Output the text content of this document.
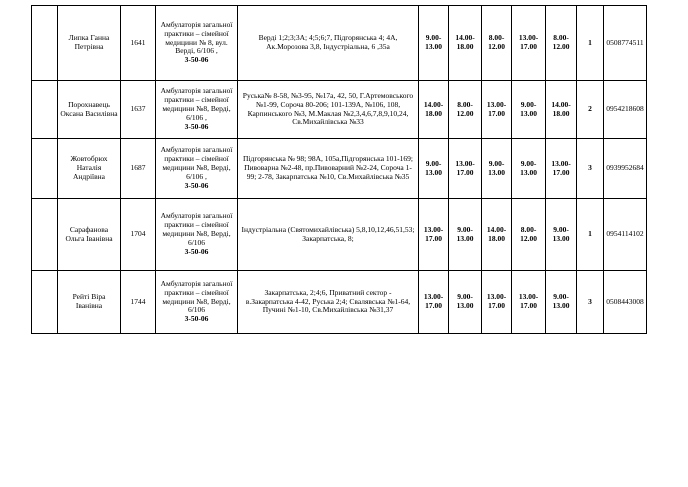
	Липка Ганна Петрівна	1641	Амбулаторія загальної практики – сімейної медицини № 8, вул. Верді, 6/106 ,
3-50-06	Верді 1;2;3;3А; 4;5;6;7, Підгорянська 4; 4А, Ак.Морозова 3,8, Індустріальна, 6 ,35а	9.00-13.00	14.00-18.00	8.00-12.00	13.00-17.00	8.00-12.00	1	0508774511
	Порохнавець Оксана Василівна	1637	Амбулаторія загальної практики – сімейної медицини №8, Верді, 6/106 ,
3-50-06	Руська№ 8-58, №3-95, №17а, 42, 50, Г.Артемовського №1-99, Сороча 80-206; 101-139А, №106, 108, Карпинського №3, М.Маклая №2,3,4,6,7,8,9,10,24, Св.Михайлівська №33	14.00-18.00	8.00-12.00	13.00-17.00	9.00-13.00	14.00-18.00	2	0954218608
	Жовтобрюх Наталія Андріївна	1687	Амбулаторія загальної практики – сімейної медицини №8, Верді, 6/106 ,
3-50-06	Підгорянська № 98; 98А, 105а,Підгорянська 101-169; Пивоварна №2-48, пр.Пивоварний №2-24, Сороча 1-99; 2-78, Закарпатська №10, Св.Михайлівська №35	9.00-13.00	13.00-17.00	9.00-13.00	9.00-13.00	13.00-17.00	3	0939952684
	Сарафанова Ольга Іванівна	1704	Амбулаторія загальної практики – сімейної медицини №8, Верді, 6/106
3-50-06	Індустріальна (Святомихайлівська) 5,8,10,12,46,51,53; Закарпатська, 8;	13.00-17.00	9.00-13.00	14.00-18.00	8.00-12.00	9.00-13.00	1	0954114102
	Рейті Віра Іванівна	1744	Амбулаторія загальної практики – сімейної медицини №8, Верді, 6/106
3-50-06	Закарпатська, 2;4;6, Приватний сектор - в.Закарпатська 4-42, Руська 2;4; Свалявська №1-64, Пучині №1-10, Св.Михайлівська №31,37	13.00-17.00	9.00-13.00	13.00-17.00	13.00-17.00	9.00-13.00	3	0508443008
